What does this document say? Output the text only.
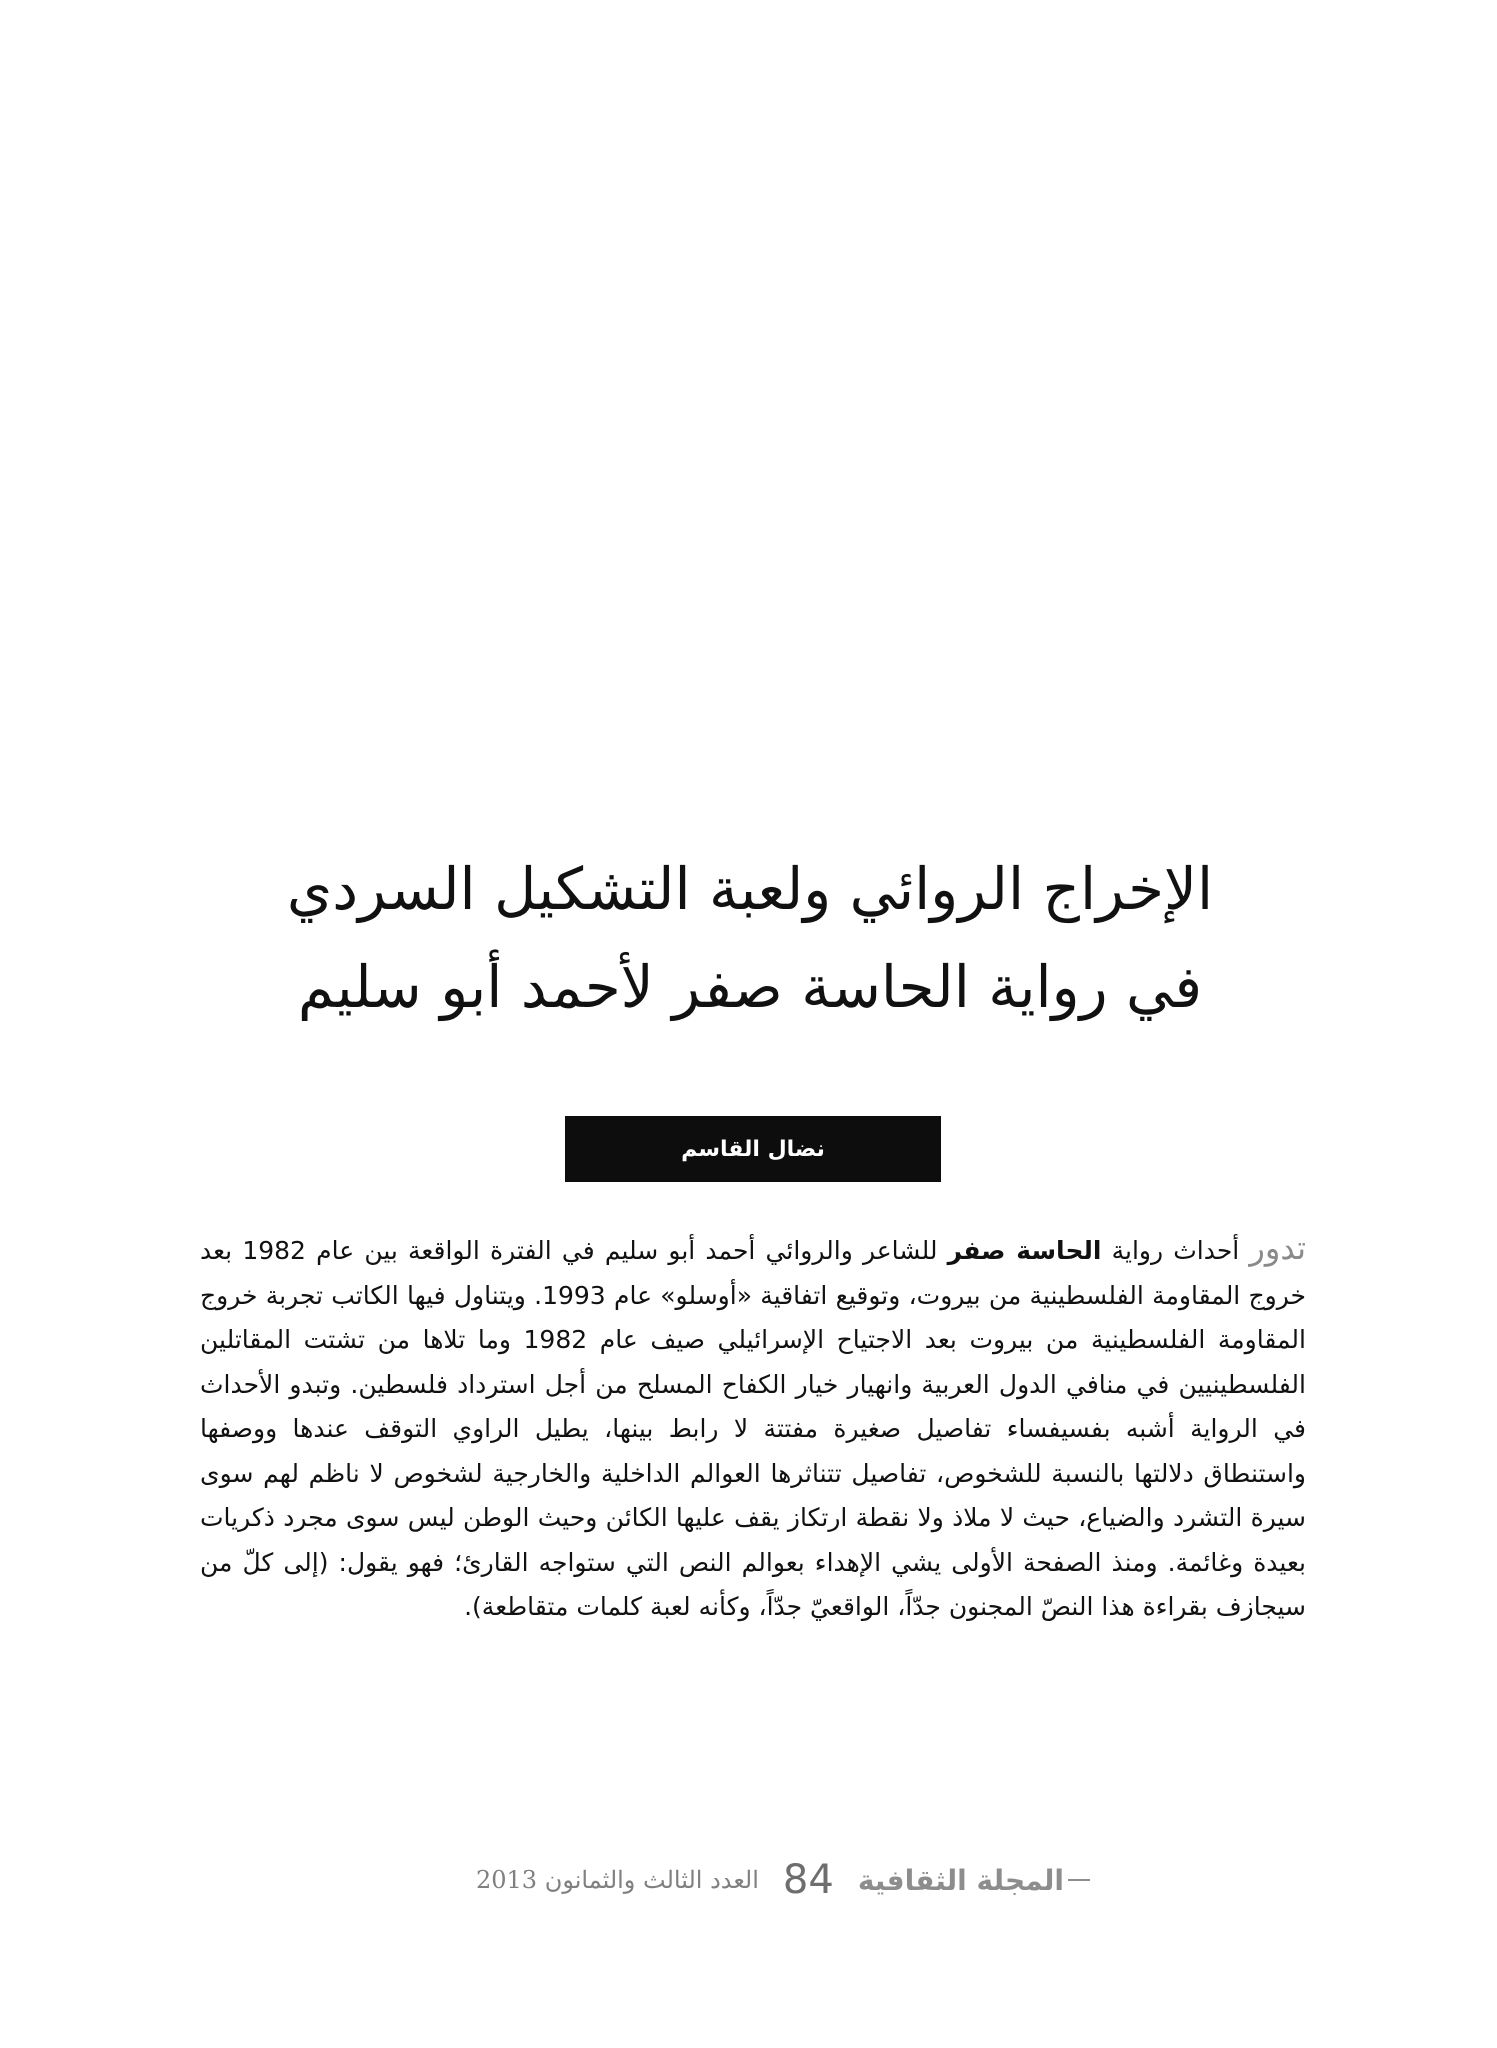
الإخراج الروائي ولعبة التشكيل السردي
في رواية الحاسة صفر لأحمد أبو سليم
نضال القاسم
تدور أحداث رواية الحاسة صفر للشاعر والروائي أحمد أبو سليم في الفترة الواقعة بين عام 1982 بعد خروج المقاومة الفلسطينية من بيروت، وتوقيع اتفاقية «أوسلو» عام 1993. ويتناول فيها الكاتب تجربة خروج المقاومة الفلسطينية من بيروت بعد الاجتياح الإسرائيلي صيف عام 1982 وما تلاها من تشتت المقاتلين الفلسطينيين في منافي الدول العربية وانهيار خيار الكفاح المسلح من أجل استرداد فلسطين. وتبدو الأحداث في الرواية أشبه بفسيفساء تفاصيل صغيرة مفتتة لا رابط بينها، يطيل الراوي التوقف عندها ووصفها واستنطاق دلالتها بالنسبة للشخوص، تفاصيل تتناثرها العوالم الداخلية والخارجية لشخوص لا ناظم لهم سوى سيرة التشرد والضياع، حيث لا ملاذ ولا نقطة ارتكاز يقف عليها الكائن وحيث الوطن ليس سوى مجرد ذكريات بعيدة وغائمة. ومنذ الصفحة الأولى يشي الإهداء بعوالم النص التي ستواجه القارئ؛ فهو يقول: (إلى كلّ من سيجازف بقراءة هذا النصّ المجنون جدّاً، الواقعيّ جدّاً، وكأنه لعبة كلمات متقاطعة).
المجلة الثقافية
84
العدد الثالث والثمانون 2013
